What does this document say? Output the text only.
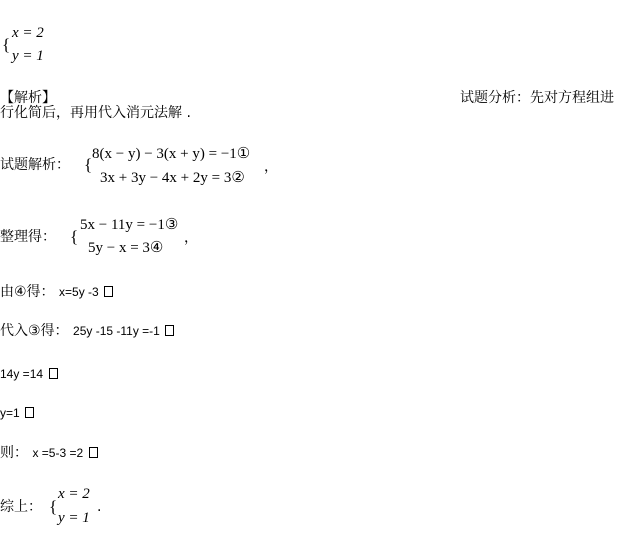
{
x = 2
y = 1
【解析】	试题分析：先对方程组进
行化简后，再用代入消元法解 .
试题解析： {
8(x − y) − 3(x + y) = −1①
3x + 3y − 4x + 2y = 3②
，
整理得： {
5x − 11y = −1③
5y − x = 3④
，
由④得： x=5y -3
代入③得： 25y -15 -11y =-1
14y =14
y=1
则： x =5-3 =2
综上： {
x = 2
y = 1
.
